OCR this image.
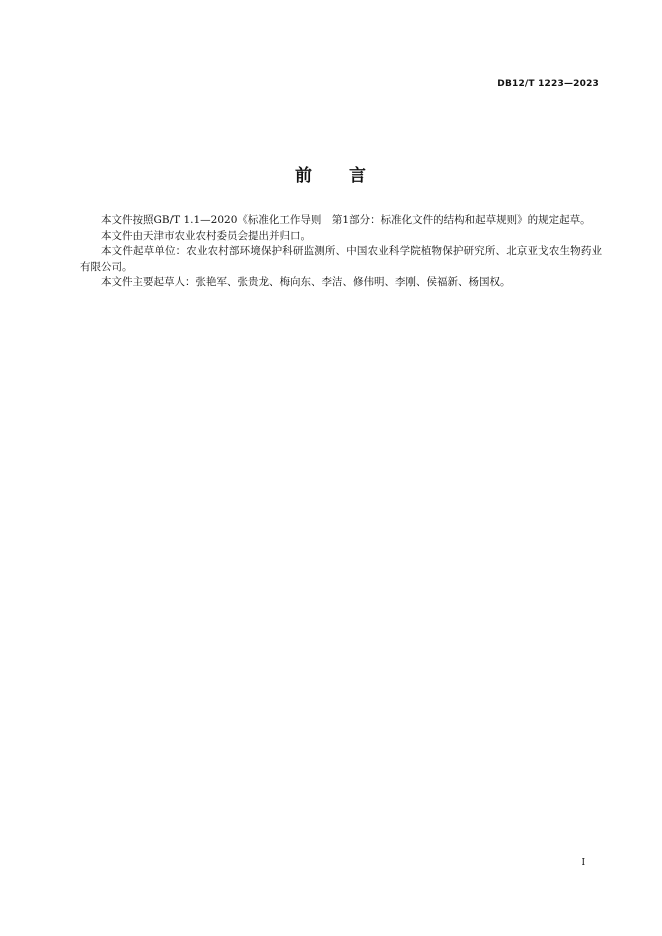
DB12/T 1223—2023
前 言

本文件按照GB/T 1.1—2020《标准化工作导则　第1部分：标准化文件的结构和起草规则》的规定起草。

本文件由天津市农业农村委员会提出并归口。

本文件起草单位：农业农村部环境保护科研监测所、中国农业科学院植物保护研究所、北京亚戈农生物药业有限公司。

本文件主要起草人：张艳军、张贵龙、梅向东、李洁、修伟明、李刚、侯福新、杨国权。

I
